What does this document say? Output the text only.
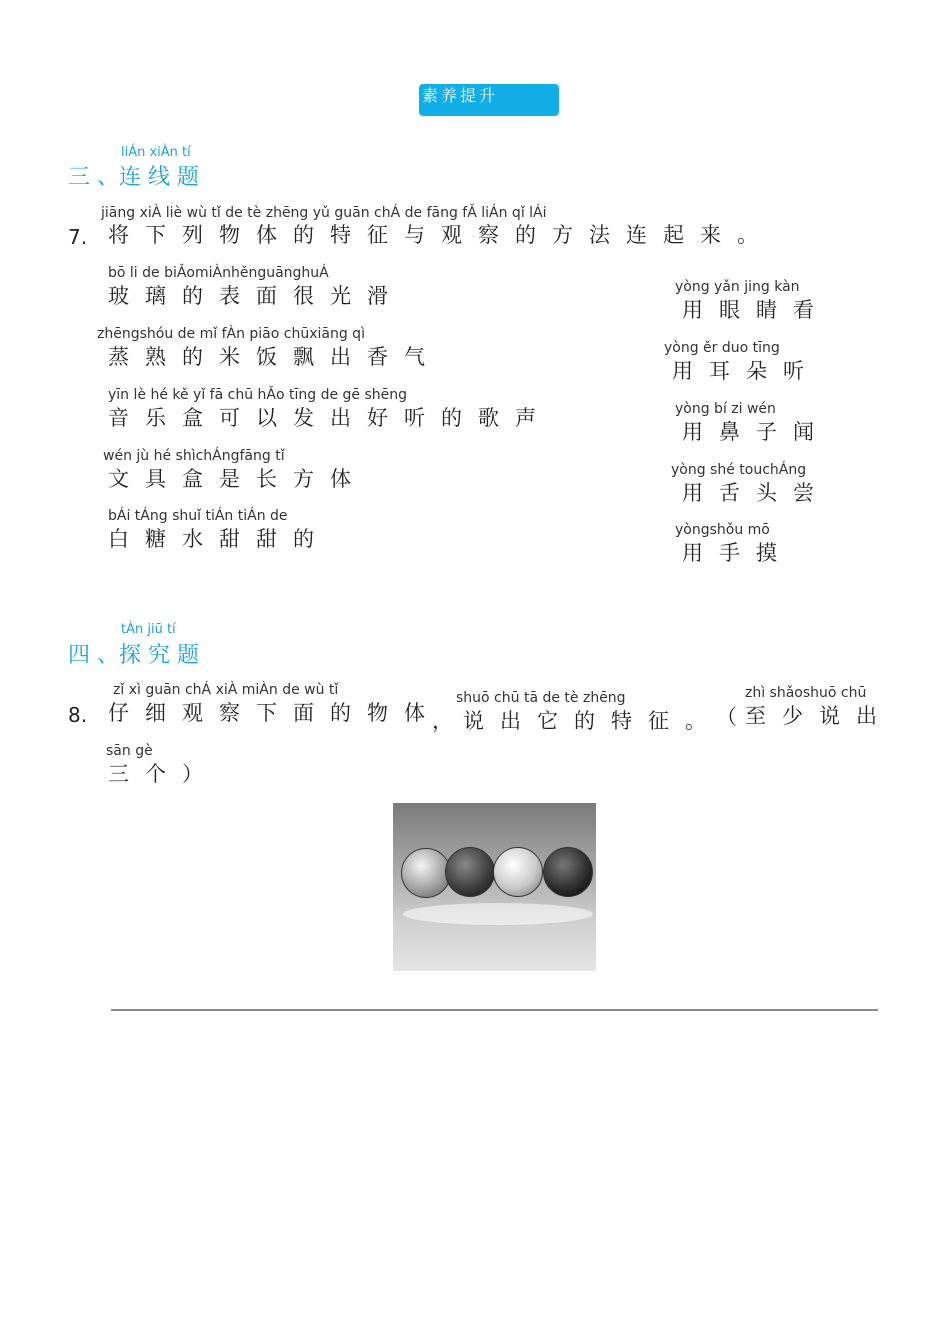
素养提升
liÁn xiÀn tí
三 、连 线 题
jiāng xiÀ liè wù tǐ de tè zhēng yǔ guān chÁ de fāng fǍ liÁn qǐ lÁi
7. 将 下 列 物 体 的 特 征 与 观 察 的 方 法 连 起 来 。
bō li de biǍomiÀnhěnguānghuÁ
玻 璃 的 表 面 很 光 滑
zhēngshóu de mǐ fÀn piāo chūxiāng qì
蒸 熟 的 米 饭 飘 出 香 气
yīn lè hé kě yǐ fā chū hǍo tīng de gē shēng
音 乐 盒 可 以 发 出 好 听 的 歌 声
wén jù hé shìchÁngfāng tǐ
文 具 盒 是 长 方 体
bÁi tÁng shuǐ tiÁn tiÁn de
白 糖 水 甜 甜 的
yòng yǎn jing kàn
用 眼 睛 看
yòng ěr duo tīng
用 耳 朵 听
yòng bí zi wén
用 鼻 子 闻
yòng shé touchÁng
用 舌 头 尝
yòngshǒu mō
用 手 摸
tÀn jiū tí
四 、探 究 题
zǐ xì guān chÁ xiÀ miÀn de wù tǐ
8. 仔 细 观 察 下 面 的 物 体 ，
shuō chū tā de tè zhēng
说 出 它 的 特 征 。 （
zhì shǎoshuō chū
至 少 说 出
sān gè
三 个 ）
